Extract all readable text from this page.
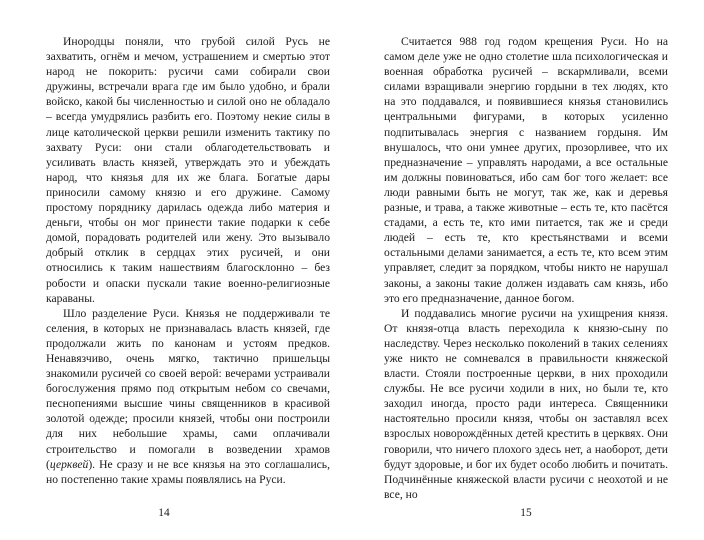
Инородцы поняли, что грубой силой Русь не захватить, огнём и мечом, устрашением и смертью этот народ не покорить: русичи сами собирали свои дружины, встречали врага где им было удобно, и брали войско, какой бы численностью и силой оно не обладало – всегда умудрялись разбить его. Поэтому некие силы в лице католической церкви решили изменить тактику по захвату Руси: они стали облагодетельствовать и усиливать власть князей, утверждать это и убеждать народ, что князья для их же блага. Богатые дары приносили самому князю и его дружине. Самому простому поряднику дарилась одежда либо материя и деньги, чтобы он мог принести такие подарки к себе домой, порадовать родителей или жену. Это вызывало добрый отклик в сердцах этих русичей, и они относились к таким нашествиям благосклонно – без робости и опаски пускали такие военно-религиозные караваны.

Шло разделение Руси. Князья не поддерживали те селения, в которых не признавалась власть князей, где продолжали жить по канонам и устоям предков. Ненавязчиво, очень мягко, тактично пришельцы знакомили русичей со своей верой: вечерами устраивали богослужения прямо под открытым небом со свечами, песнопениями высшие чины священников в красивой золотой одежде; просили князей, чтобы они построили для них небольшие храмы, сами оплачивали строительство и помогали в возведении храмов (церквей). Не сразу и не все князья на это соглашались, но постепенно такие храмы появлялись на Руси.

14

Считается 988 год годом крещения Руси. Но на самом деле уже не одно столетие шла психологическая и военная обработка русичей – вскармливали, всеми силами взращивали энергию гордыни в тех людях, кто на это поддавался, и появившиеся князья становились центральными фигурами, в которых усиленно подпитывалась энергия с названием гордыня. Им внушалось, что они умнее других, прозорливее, что их предназначение – управлять народами, а все остальные им должны повиноваться, ибо сам бог того желает: все люди равными быть не могут, так же, как и деревья разные, и трава, а также животные – есть те, кто пасётся стадами, а есть те, кто ими питается, так же и среди людей – есть те, кто крестьянствами и всеми остальными делами занимается, а есть те, кто всем этим управляет, следит за порядком, чтобы никто не нарушал законы, а законы такие должен издавать сам князь, ибо это его предназначение, данное богом.

И поддавались многие русичи на ухищрения князя. От князя-отца власть переходила к князю-сыну по наследству. Через несколько поколений в таких селениях уже никто не сомневался в правильности княжеской власти. Стояли построенные церкви, в них проходили службы. Не все русичи ходили в них, но были те, кто заходил иногда, просто ради интереса. Священники настоятельно просили князя, чтобы он заставлял всех взрослых новорождённых детей крестить в церквях. Они говорили, что ничего плохого здесь нет, а наоборот, дети будут здоровые, и бог их будет особо любить и почитать. Подчинённые княжеской власти русичи с неохотой и не все, но

15
